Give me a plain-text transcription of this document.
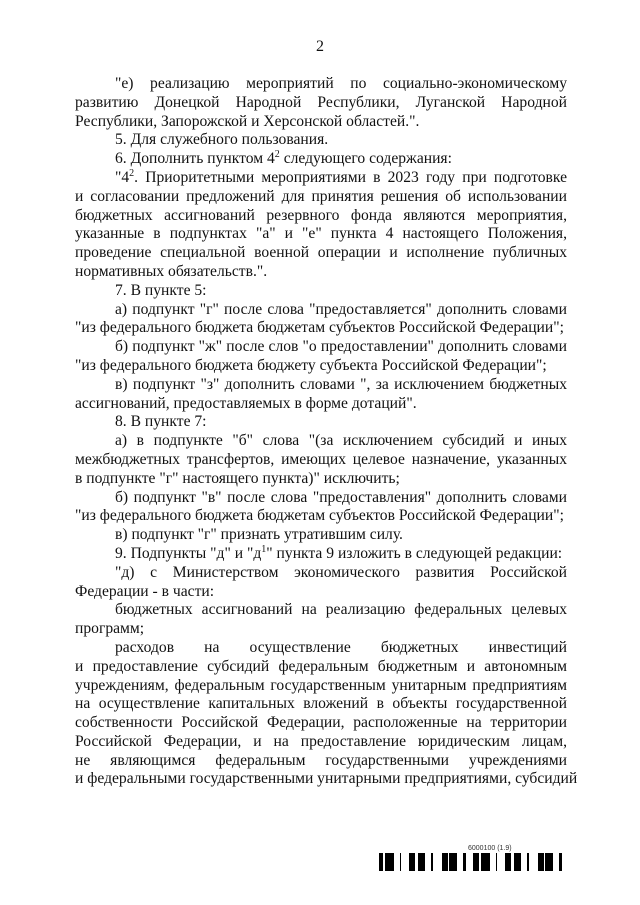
2
"е) реализацию мероприятий по социально-экономическому
развитию Донецкой Народной Республики, Луганской Народной
Республики, Запорожской и Херсонской областей.".
5. Для служебного пользования.
6. Дополнить пунктом $4^2$ следующего содержания:
"$4^2$. Приоритетными мероприятиями в 2023 году при подготовке
и согласовании предложений для принятия решения об использовании
бюджетных ассигнований резервного фонда являются мероприятия,
указанные в подпунктах "а" и "е" пункта 4 настоящего Положения,
проведение специальной военной операции и исполнение публичных
нормативных обязательств.".
7. В пункте 5:
а) подпункт "г" после слова "предоставляется" дополнить словами
"из федерального бюджета бюджетам субъектов Российской Федерации";
б) подпункт "ж" после слов "о предоставлении" дополнить словами
"из федерального бюджета бюджету субъекта Российской Федерации";
в) подпункт "з" дополнить словами ", за исключением бюджетных
ассигнований, предоставляемых в форме дотаций".
8. В пункте 7:
а) в подпункте "б" слова "(за исключением субсидий и иных
межбюджетных трансфертов, имеющих целевое назначение, указанных
в подпункте "г" настоящего пункта)" исключить;
б) подпункт "в" после слова "предоставления" дополнить словами
"из федерального бюджета бюджетам субъектов Российской Федерации";
в) подпункт "г" признать утратившим силу.
9. Подпункты "д" и "$д^1$" пункта 9 изложить в следующей редакции:
"д) с Министерством экономического развития Российской
Федерации - в части:
бюджетных ассигнований на реализацию федеральных целевых
программ;
расходов на осуществление бюджетных инвестиций
и предоставление субсидий федеральным бюджетным и автономным
учреждениям, федеральным государственным унитарным предприятиям
на осуществление капитальных вложений в объекты государственной
собственности Российской Федерации, расположенные на территории
Российской Федерации, и на предоставление юридическим лицам,
не являющимся федеральным государственными учреждениями
и федеральными государственными унитарными предприятиями, субсидий
6000100 (1.9)
